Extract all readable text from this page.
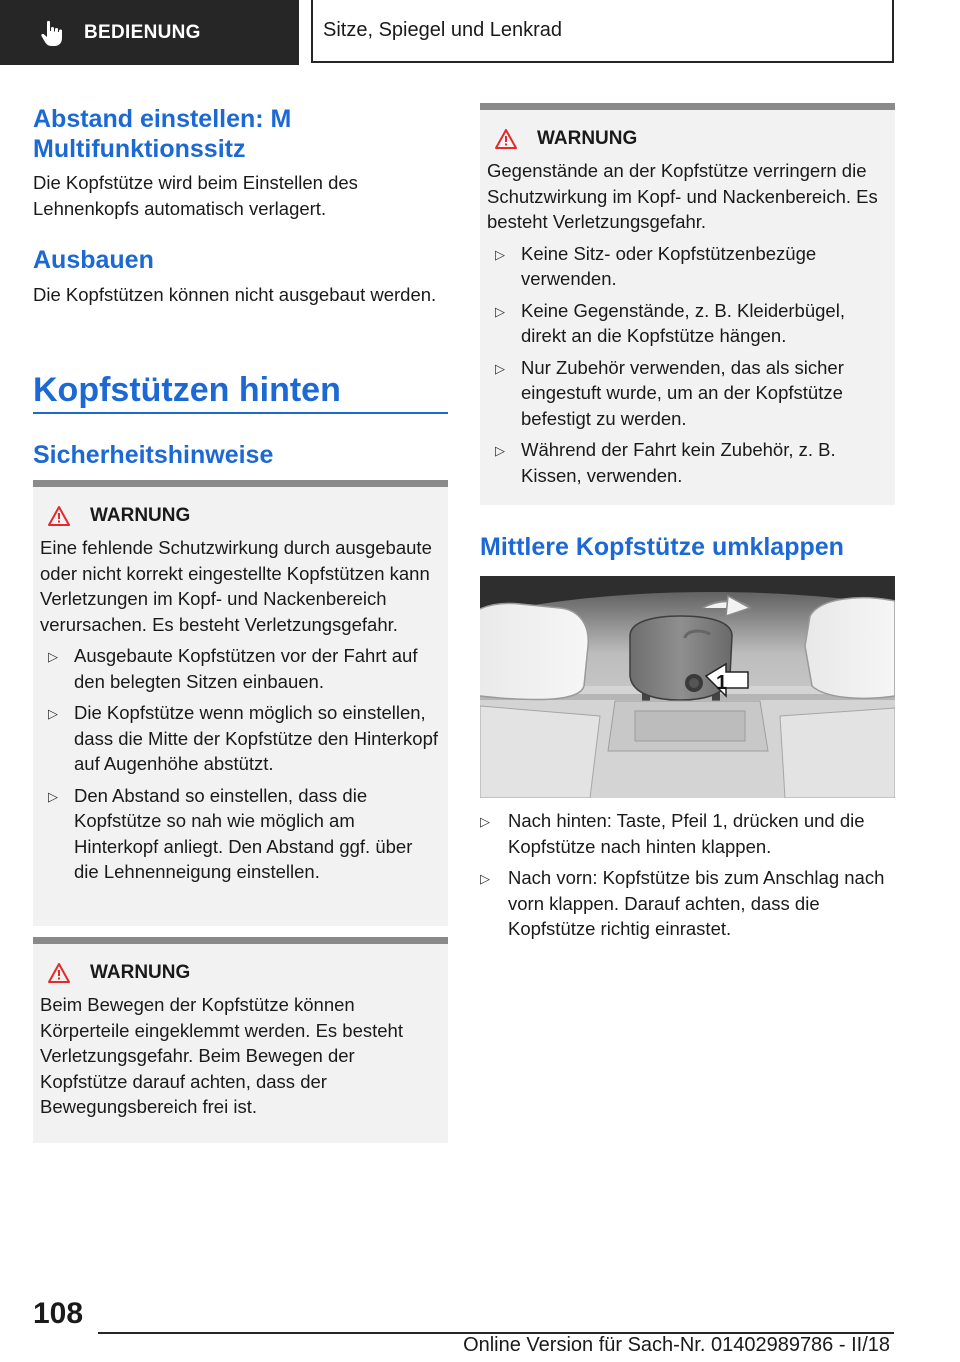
BEDIENUNG	Sitze, Spiegel und Lenkrad
Abstand einstellen: M Multifunktionssitz

Die Kopfstütze wird beim Einstellen des Lehnenkopfs automatisch verlagert.

Ausbauen

Die Kopfstützen können nicht ausgebaut werden.

Kopfstützen hinten
Sicherheitshinweise
WARNUNG

Eine fehlende Schutzwirkung durch ausgebaute oder nicht korrekt eingestellte Kopfstützen kann Verletzungen im Kopf- und Nackenbereich verursachen. Es besteht Verletzungsgefahr.

▷ Ausgebaute Kopfstützen vor der Fahrt auf den belegten Sitzen einbauen.
▷ Die Kopfstütze wenn möglich so einstellen, dass die Mitte der Kopfstütze den Hinterkopf auf Augenhöhe abstützt.
▷ Den Abstand so einstellen, dass die Kopfstütze so nah wie möglich am Hinterkopf anliegt. Den Abstand ggf. über die Lehnenneigung einstellen.
WARNUNG

Beim Bewegen der Kopfstütze können Körperteile eingeklemmt werden. Es besteht Verletzungsgefahr. Beim Bewegen der Kopfstütze darauf achten, dass der Bewegungsbereich frei ist.

WARNUNG

Gegenstände an der Kopfstütze verringern die Schutzwirkung im Kopf- und Nackenbereich. Es besteht Verletzungsgefahr.

▷ Keine Sitz- oder Kopfstützenbezüge verwenden.
▷ Keine Gegenstände, z. B. Kleiderbügel, direkt an die Kopfstütze hängen.
▷ Nur Zubehör verwenden, das als sicher eingestuft wurde, um an der Kopfstütze befestigt zu werden.
▷ Während der Fahrt kein Zubehör, z. B. Kissen, verwenden.
Mittlere Kopfstütze umklappen
1
▷ Nach hinten: Taste, Pfeil 1, drücken und die Kopfstütze nach hinten klappen.
▷ Nach vorn: Kopfstütze bis zum Anschlag nach vorn klappen. Darauf achten, dass die Kopfstütze richtig einrastet.
108
Online Version für Sach-Nr. 01402989786 - II/18
